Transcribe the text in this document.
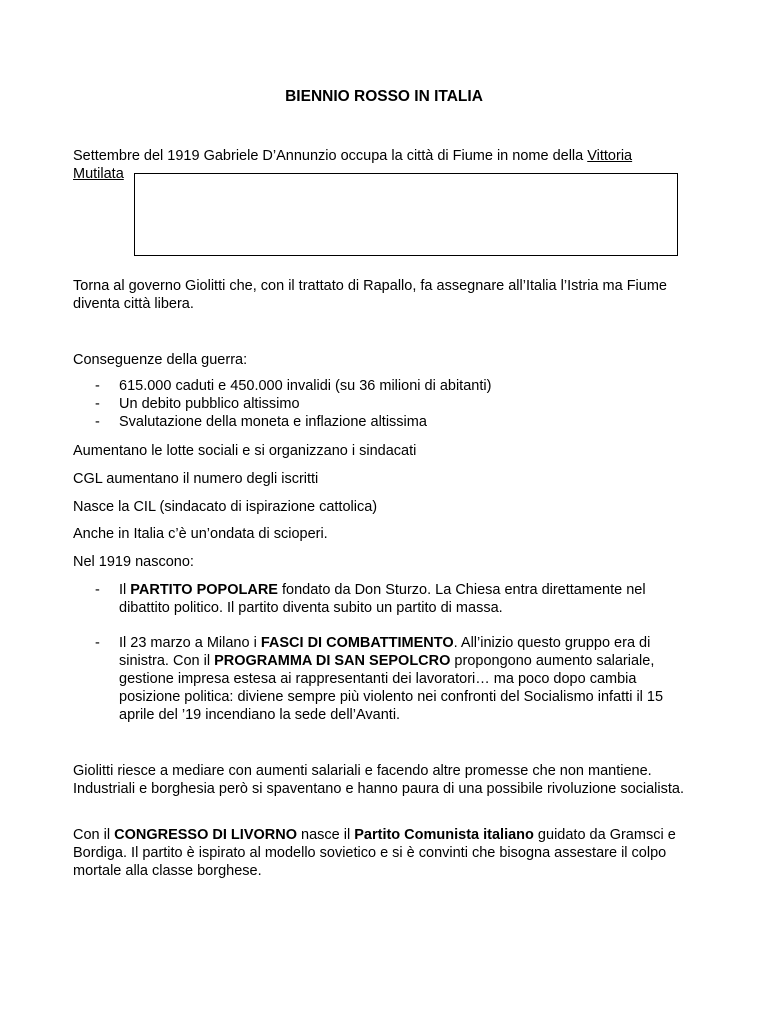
BIENNIO ROSSO IN ITALIA
Settembre del 1919 Gabriele D’Annunzio occupa la città di Fiume in nome della Vittoria
Mutilata
Torna al governo Giolitti che, con il trattato di Rapallo, fa assegnare all’Italia l’Istria ma Fiume diventa città libera.
Conseguenze della guerra:
- 615.000 caduti e 450.000 invalidi (su 36 milioni di abitanti)
- Un debito pubblico altissimo
- Svalutazione della moneta e inflazione altissima
Aumentano le lotte sociali e si organizzano i sindacati
CGL aumentano il numero degli iscritti
Nasce la CIL (sindacato di ispirazione cattolica)
Anche in Italia c’è un’ondata di scioperi.
Nel 1919 nascono:
- Il PARTITO POPOLARE fondato da Don Sturzo. La Chiesa entra direttamente nel dibattito politico. Il partito diventa subito un partito di massa.
- Il 23 marzo a Milano i FASCI DI COMBATTIMENTO. All’inizio questo gruppo era di sinistra. Con il PROGRAMMA DI SAN SEPOLCRO propongono aumento salariale, gestione impresa estesa ai rappresentanti dei lavoratori… ma poco dopo cambia posizione politica: diviene sempre più violento nei confronti del Socialismo infatti il 15 aprile del ’19 incendiano la sede dell’Avanti.
Giolitti riesce a mediare con aumenti salariali e facendo altre promesse che non mantiene. Industriali e borghesia però si spaventano e hanno paura di una possibile rivoluzione socialista.
Con il CONGRESSO DI LIVORNO nasce il Partito Comunista italiano guidato da Gramsci e Bordiga. Il partito è ispirato al modello sovietico e si è convinti che bisogna assestare il colpo mortale alla classe borghese.
